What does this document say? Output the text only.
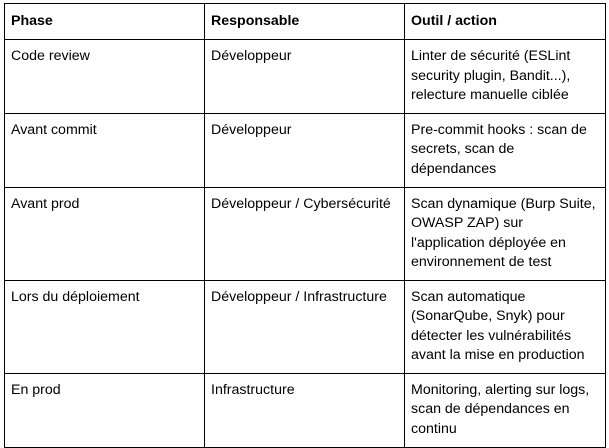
Phase	Responsable	Outil / action
Code review	Développeur	Linter de sécurité (ESLint security plugin, Bandit...), relecture manuelle ciblée
Avant commit	Développeur	Pre-commit hooks : scan de secrets, scan de dépendances
Avant prod	Développeur / Cybersécurité	Scan dynamique (Burp Suite, OWASP ZAP) sur l'application déployée en environnement de test
Lors du déploiement	Développeur / Infrastructure	Scan automatique (SonarQube, Snyk) pour détecter les vulnérabilités avant la mise en production
En prod	Infrastructure	Monitoring, alerting sur logs, scan de dépendances en continu
